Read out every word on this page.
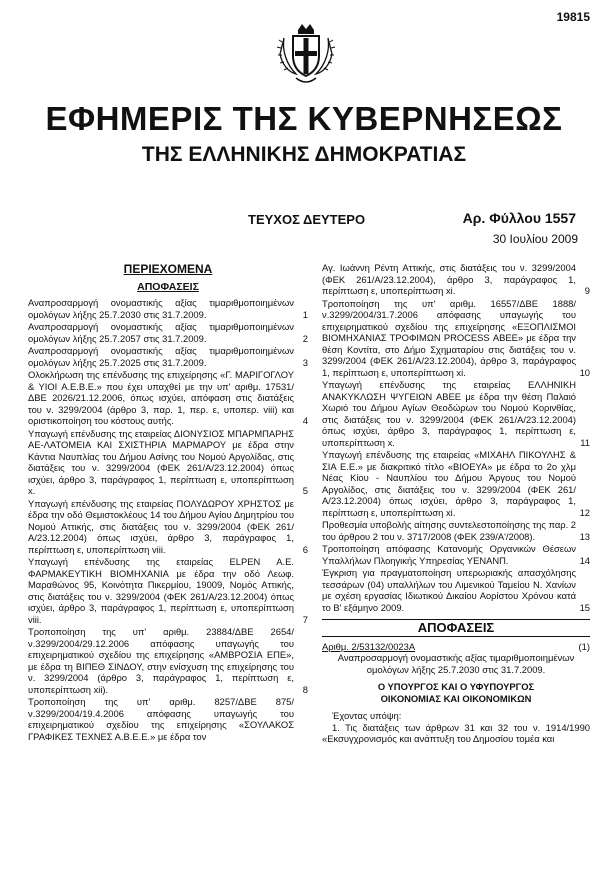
19815
ΕΦΗΜΕΡΙΣ ΤΗΣ ΚΥΒΕΡΝΗΣΕΩΣ
ΤΗΣ ΕΛΛΗΝΙΚΗΣ ΔΗΜΟΚΡΑΤΙΑΣ
ΤΕΥΧΟΣ ΔΕΥΤΕΡΟ	Αρ. Φύλλου 1557
30 Ιουλίου 2009
ΠΕΡΙΕΧΟΜΕΝΑ
ΑΠΟΦΑΣΕΙΣ
Αναπροσαρμογή ονομαστικής αξίας τιμαριθμοποιημένων ομολόγων λήξης 25.7.2030 στις 31.7.2009.	1
Αναπροσαρμογή ονομαστικής αξίας τιμαριθμοποιημένων ομολόγων λήξης 25.7.2057 στις 31.7.2009.	2
Αναπροσαρμογή ονομαστικής αξίας τιμαριθμοποιημένων ομολόγων λήξης 25.7.2025 στις 31.7.2009.	3
Ολοκλήρωση της επένδυσης της επιχείρησης «Γ. ΜΑΡΙΓΟΓΛΟΥ & ΥΙΟΙ Α.Ε.Β.Ε.» που έχει υπαχθεί με την υπ' αριθμ. 17531/ΔΒΕ 2026/21.12.2006, όπως ισχύει, απόφαση στις διατάξεις του ν. 3299/2004 (άρθρο 3, παρ. 1, περ. ε, υποπερ. viii) και οριστικοποίηση του κόστους αυτής.	4
Υπαγωγή επένδυσης της εταιρείας ΔΙΟΝΥΣΙΟΣ ΜΠΑΡΜΠΑΡΗΣ ΑΕ-ΛΑΤΟΜΕΙΑ ΚΑΙ ΣΧΙΣΤΗΡΙΑ ΜΑΡΜΑΡΟΥ με έδρα στην Κάντια Ναυπλίας του Δήμου Ασίνης του Νομού Αργολίδας, στις διατάξεις του ν. 3299/2004 (ΦΕΚ 261/Α/23.12.2004) όπως ισχύει, άρθρο 3, παράγραφος 1, περίπτωση ε, υποπερίπτωση x.	5
Υπαγωγή επένδυσης της εταιρείας ΠΟΛΥΔΩΡΟΥ ΧΡΗΣΤΟΣ με έδρα την οδό Θεμιστοκλέους 14 του Δήμου Αγίου Δημητρίου του Νομού Αττικής, στις διατάξεις του ν. 3299/2004 (ΦΕΚ 261/Α/23.12.2004) όπως ισχύει, άρθρο 3, παράγραφος 1, περίπτωση ε, υποπερίπτωση viii.	6
Υπαγωγή επένδυσης της εταιρείας ELPEN A.E. ΦΑΡΜΑΚΕΥΤΙΚΗ ΒΙΟΜΗΧΑΝΙΑ με έδρα την οδό Λεωφ. Μαραθώνος 95, Κοινότητα Πικερμίου, 19009, Νομός Αττικής, στις διατάξεις του ν. 3299/2004 (ΦΕΚ 261/Α/23.12.2004) όπως ισχύει, άρθρο 3, παράγραφος 1, περίπτωση ε, υποπερίπτωση viii.	7
Τροποποίηση της υπ' αριθμ. 23884/ΔΒΕ 2654/ν.3299/2004/29.12.2006 απόφασης υπαγωγής του επιχειρηματικού σχεδίου της επιχείρησης «ΑΜΒΡΟΣΙΑ ΕΠΕ», με έδρα τη ΒΙΠΕΘ ΣΙΝΔΟΥ, στην ενίσχυση της επιχείρησης του ν. 3299/2004 (άρθρο 3, παράγραφος 1, περίπτωση ε, υποπερίπτωση xii).	8
Τροποποίηση της υπ' αριθμ. 8257/ΔΒΕ 875/ν.3299/2004/19.4.2006 απόφασης υπαγωγής του επιχειρηματικού σχεδίου της επιχείρησης «ΣΟΥΛΑΚΟΣ ΓΡΑΦΙΚΕΣ ΤΕΧΝΕΣ Α.Β.Ε.Ε.» με έδρα τον
Αγ. Ιωάννη Ρέντη Αττικής, στις διατάξεις του ν. 3299/2004 (ΦΕΚ 261/Α/23.12.2004), άρθρο 3, παράγραφος 1, περίπτωση ε, υποπερίπτωση xi.	9
Τροποποίηση της υπ' αριθμ. 16557/ΔΒΕ 1888/ν.3299/2004/31.7.2006 απόφασης υπαγωγής του επιχειρηματικού σχεδίου της επιχείρησης «ΕΞΟΠΛΙΣΜΟΙ ΒΙΟΜΗΧΑΝΙΑΣ ΤΡΟΦΙΜΩΝ PROCESS ΑΒΕΕ» με έδρα την θέση Κοντίτα, στο Δήμο Σχηματαρίου στις διατάξεις του ν. 3299/2004 (ΦΕΚ 261/Α/23.12.2004), άρθρο 3, παράγραφος 1, περίπτωση ε, υποπερίπτωση xi.	10
Υπαγωγή επένδυσης της εταιρείας ΕΛΛΗΝΙΚΗ ΑΝΑΚΥΚΛΩΣΗ ΨΥΓΕΙΩΝ ΑΒΕΕ με έδρα την θέση Παλαιό Χωριό του Δήμου Αγίων Θεοδώρων του Νομού Κορινθίας, στις διατάξεις του ν. 3299/2004 (ΦΕΚ 261/Α/23.12.2004) όπως ισχύει, άρθρο 3, παράγραφος 1, περίπτωση ε, υποπερίπτωση x.	11
Υπαγωγή επένδυσης της εταιρείας «ΜΙΧΑΗΛ ΠΙΚΟΥΛΗΣ & ΣΙΑ Ε.Ε.» με διακριτικό τίτλο «ΒΙΟΕΥΑ» με έδρα το 2ο χλμ Νέας Κίου - Ναυπλίου του Δήμου Άργους του Νομού Αργολίδος, στις διατάξεις του ν. 3299/2004 (ΦΕΚ 261/Α/23.12.2004) όπως ισχύει, άρθρο 3, παράγραφος 1, περίπτωση ε, υποπερίπτωση xi.	12
Προθεσμία υποβολής αίτησης συντελεστοποίησης της παρ. 2 του άρθρου 2 του ν. 3717/2008 (ΦΕΚ 239/Α'/2008).	13
Τροποποίηση απόφασης Κατανομής Οργανικών Θέσεων Υπαλλήλων Πλοηγικής Υπηρεσίας ΥΕΝΑΝΠ.	14
Έγκριση για πραγματοποίηση υπερωριακής απασχόλησης τεσσάρων (04) υπαλλήλων του Λιμενικού Ταμείου Ν. Χανίων με σχέση εργασίας Ιδιωτικού Δικαίου Αορίστου Χρόνου κατά το Β' εξάμηνο 2009.	15
ΑΠΟΦΑΣΕΙΣ
Αριθμ. 2/53132/0023Α	(1)
Αναπροσαρμογή ονομαστικής αξίας τιμαριθμοποιημένων ομολόγων λήξης 25.7.2030 στις 31.7.2009.
Ο ΥΠΟΥΡΓΟΣ ΚΑΙ Ο ΥΦΥΠΟΥΡΓΟΣ
ΟΙΚΟΝΟΜΙΑΣ ΚΑΙ ΟΙΚΟΝΟΜΙΚΩΝ
Έχοντας υπόψη:
1. Τις διατάξεις των άρθρων 31 και 32 του ν. 1914/1990 «Εκσυγχρονισμός και ανάπτυξη του Δημοσίου τομέα και
